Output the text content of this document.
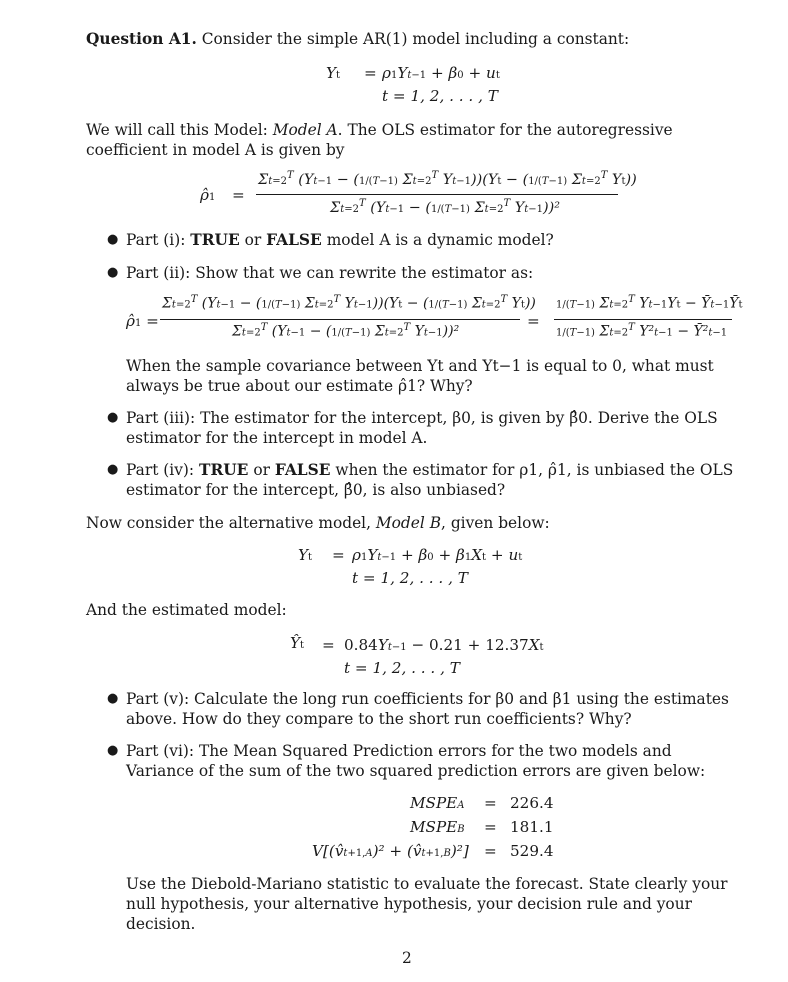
Question A1. Consider the simple AR(1) model including a constant:
Yt = ρ1Yt−1 + β0 + ut
t = 1, 2, . . . , T
We will call this Model: Model A. The OLS estimator for the autoregressive coefficient in model A is given by
ρ̂1 =
$\Sigma t=2^T$ (Yt−1 − (1/(T−1) $\Sigma t=2^T$ Yt−1))(Yt − (1/(T−1) $\Sigma t=2^T$ Yt))
$\Sigma t=2^T$ (Yt−1 − (1/(T−1) $\Sigma t=2^T$ Yt−1))²
● Part (i): TRUE or FALSE model A is a dynamic model?
● Part (ii): Show that we can rewrite the estimator as:
ρ̂1 =
$\Sigma t=2^T$ (Yt−1 − (1/(T−1) $\Sigma t=2^T$ Yt−1))(Yt − (1/(T−1) $\Sigma t=2^T$ Yt))
$\Sigma t=2^T$ (Yt−1 − (1/(T−1) $\Sigma t=2^T$ Yt−1))²
=
1/(T−1) $\Sigma t=2^T$ Yt−1Yt − Ȳt−1Ȳt
1/(T−1) $\Sigma t=2^T$ Y²t−1 − Ȳ²t−1
When the sample covariance between Yt and Yt−1 is equal to 0, what must always be true about our estimate ρ̂1? Why?
● Part (iii): The estimator for the intercept, β0, is given by β̂0. Derive the OLS estimator for the intercept in model A.
● Part (iv): TRUE or FALSE when the estimator for ρ1, ρ̂1, is unbiased the OLS estimator for the intercept, β̂0, is also unbiased?
Now consider the alternative model, Model B, given below:
Yt = ρ1Yt−1 + β0 + β1Xt + ut
t = 1, 2, . . . , T
And the estimated model:
Ŷt = 0.84Yt−1 − 0.21 + 12.37Xt
t = 1, 2, . . . , T
● Part (v): Calculate the long run coefficients for β0 and β1 using the estimates above. How do they compare to the short run coefficients? Why?
● Part (vi): The Mean Squared Prediction errors for the two models and Variance of the sum of the two squared prediction errors are given below:
MSPEA = 226.4
MSPEB = 181.1
V[(v̂t+1,A)² + (v̂t+1,B)²] = 529.4
Use the Diebold-Mariano statistic to evaluate the forecast. State clearly your null hypothesis, your alternative hypothesis, your decision rule and your decision.
2
